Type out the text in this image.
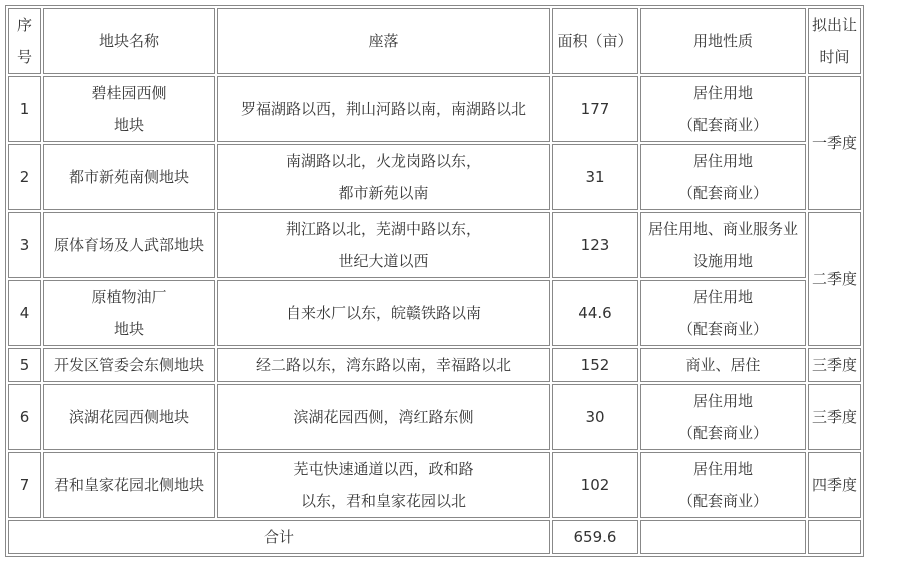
序号	地块名称	座落	面积（亩）	用地性质	拟出让
时间

1	碧桂园西侧
地块	罗福湖路以西，荆山河路以南，南湖路以北	177	居住用地
（配套商业）	一季度
2	都市新苑南侧地块	南湖路以北，火龙岗路以东，
都市新苑以南	31	居住用地
（配套商业）	

3	原体育场及人武部地块	荆江路以北，芜湖中路以东，
世纪大道以西	123	居住用地、商业服务业
设施用地	二季度
4	原植物油厂
地块	自来水厂以东，皖赣铁路以南	44.6	居住用地
（配套商业）	

5	开发区管委会东侧地块	经二路以东，湾东路以南，幸福路以北	152	商业、居住	三季度
6	滨湖花园西侧地块	滨湖花园西侧，湾红路东侧	30	居住用地
（配套商业）	三季度
7	君和皇家花园北侧地块	芜屯快速通道以西，政和路
以东，君和皇家花园以北	102	居住用地
（配套商业）	四季度
合计			659.6		
